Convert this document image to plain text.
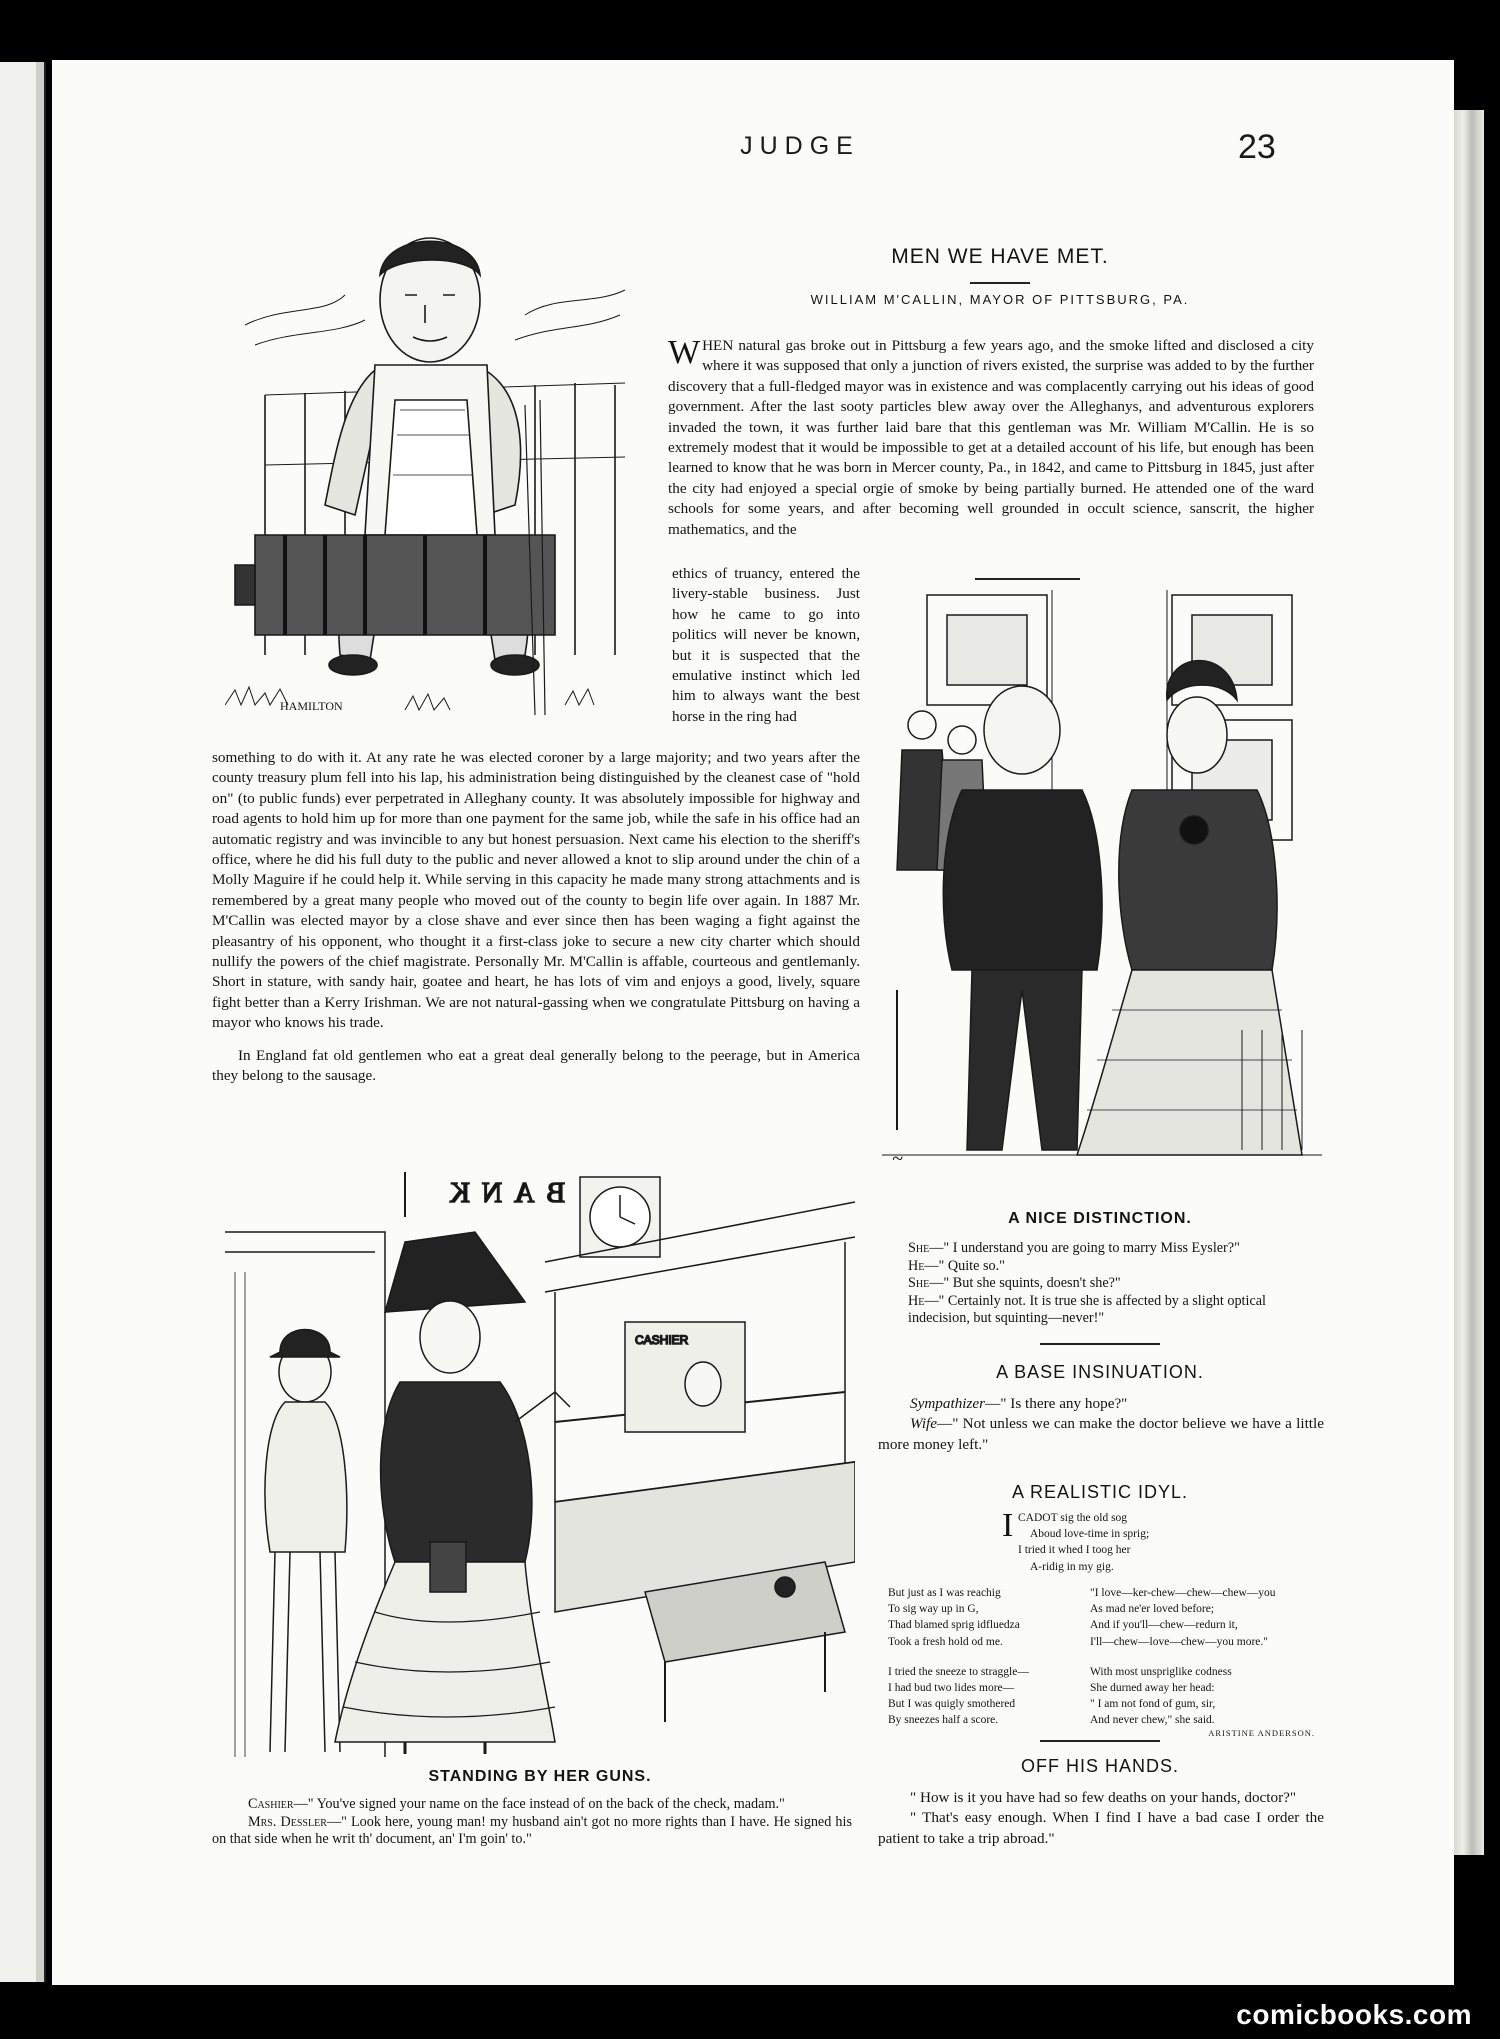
JUDGE	23
MEN WE HAVE MET.
WILLIAM M'CALLIN, MAYOR OF PITTSBURG, PA.
HAMILTON

WHEN natural gas broke out in Pittsburg a few years ago, and the smoke lifted and disclosed a city where it was supposed that only a junction of rivers existed, the surprise was added to by the further discovery that a full-fledged mayor was in existence and was complacently carrying out his ideas of good government. After the last sooty particles blew away over the Alleghanys, and adventurous explorers invaded the town, it was further laid bare that this gentleman was Mr. William M'Callin. He is so extremely modest that it would be impossible to get at a detailed account of his life, but enough has been learned to know that he was born in Mercer county, Pa., in 1842, and came to Pittsburg in 1845, just after the city had enjoyed a special orgie of smoke by being partially burned. He attended one of the ward schools for some years, and after becoming well grounded in occult science, sanscrit, the higher mathematics, and the

ethics of truancy, entered the livery-stable business. Just how he came to go into politics will never be known, but it is suspected that the emulative instinct which led him to always want the best horse in the ring had

something to do with it. At any rate he was elected coroner by a large majority; and two years after the county treasury plum fell into his lap, his administration being distinguished by the cleanest case of "hold on" (to public funds) ever perpetrated in Alleghany county. It was absolutely impossible for highway and road agents to hold him up for more than one payment for the same job, while the safe in his office had an automatic registry and was invincible to any but honest persuasion. Next came his election to the sheriff's office, where he did his full duty to the public and never allowed a knot to slip around under the chin of a Molly Maguire if he could help it. While serving in this capacity he made many strong attachments and is remembered by a great many people who moved out of the county to begin life over again. In 1887 Mr. M'Callin was elected mayor by a close shave and ever since then has been waging a fight against the pleasantry of his opponent, who thought it a first-class joke to secure a new city charter which should nullify the powers of the chief magistrate. Personally Mr. M'Callin is affable, courteous and gentlemanly. Short in stature, with sandy hair, goatee and heart, he has lots of vim and enjoys a good, lively, square fight better than a Kerry Irishman. We are not natural-gassing when we congratulate Pittsburg on having a mayor who knows his trade.

In England fat old gentlemen who eat a great deal generally belong to the peerage, but in America they belong to the sausage.

~
A NICE DISTINCTION.

She—" I understand you are going to marry Miss Eysler?"

He—" Quite so."

She—" But she squints, doesn't she?"

He—" Certainly not. It is true she is affected by a slight optical indecision, but squinting—never!"

A BASE INSINUATION.

Sympathizer—" Is there any hope?"

Wife—" Not unless we can make the doctor believe we have a little more money left."

A REALISTIC IDYL.
I CADOT sig the old sog

Aboud love-time in sprig;

I tried it whed I toog her

A-ridig in my gig.

But just as I was reachig

To sig way up in G,

Thad blamed sprig idfluedza

Took a fresh hold od me.

I tried the sneeze to straggle—

I had bud two lides more—

But I was quigly smothered

By sneezes half a score.

"I love—ker-chew—chew—chew—you

As mad ne'er loved before;

And if you'll—chew—redurn it,

I'll—chew—love—chew—you more."

With most unspriglike codness

She durned away her head:

" I am not fond of gum, sir,

And never chew," she said.

ARISTINE ANDERSON.
OFF HIS HANDS.

" How is it you have had so few deaths on your hands, doctor?"

" That's easy enough. When I find I have a bad case I order the patient to take a trip abroad."

BANK
CASHIER
STANDING BY HER GUNS.

Cashier—" You've signed your name on the face instead of on the back of the check, madam."

Mrs. Dessler—" Look here, young man! my husband ain't got no more rights than I have. He signed his on that side when he writ th' document, an' I'm goin' to."

comicbooks.com
